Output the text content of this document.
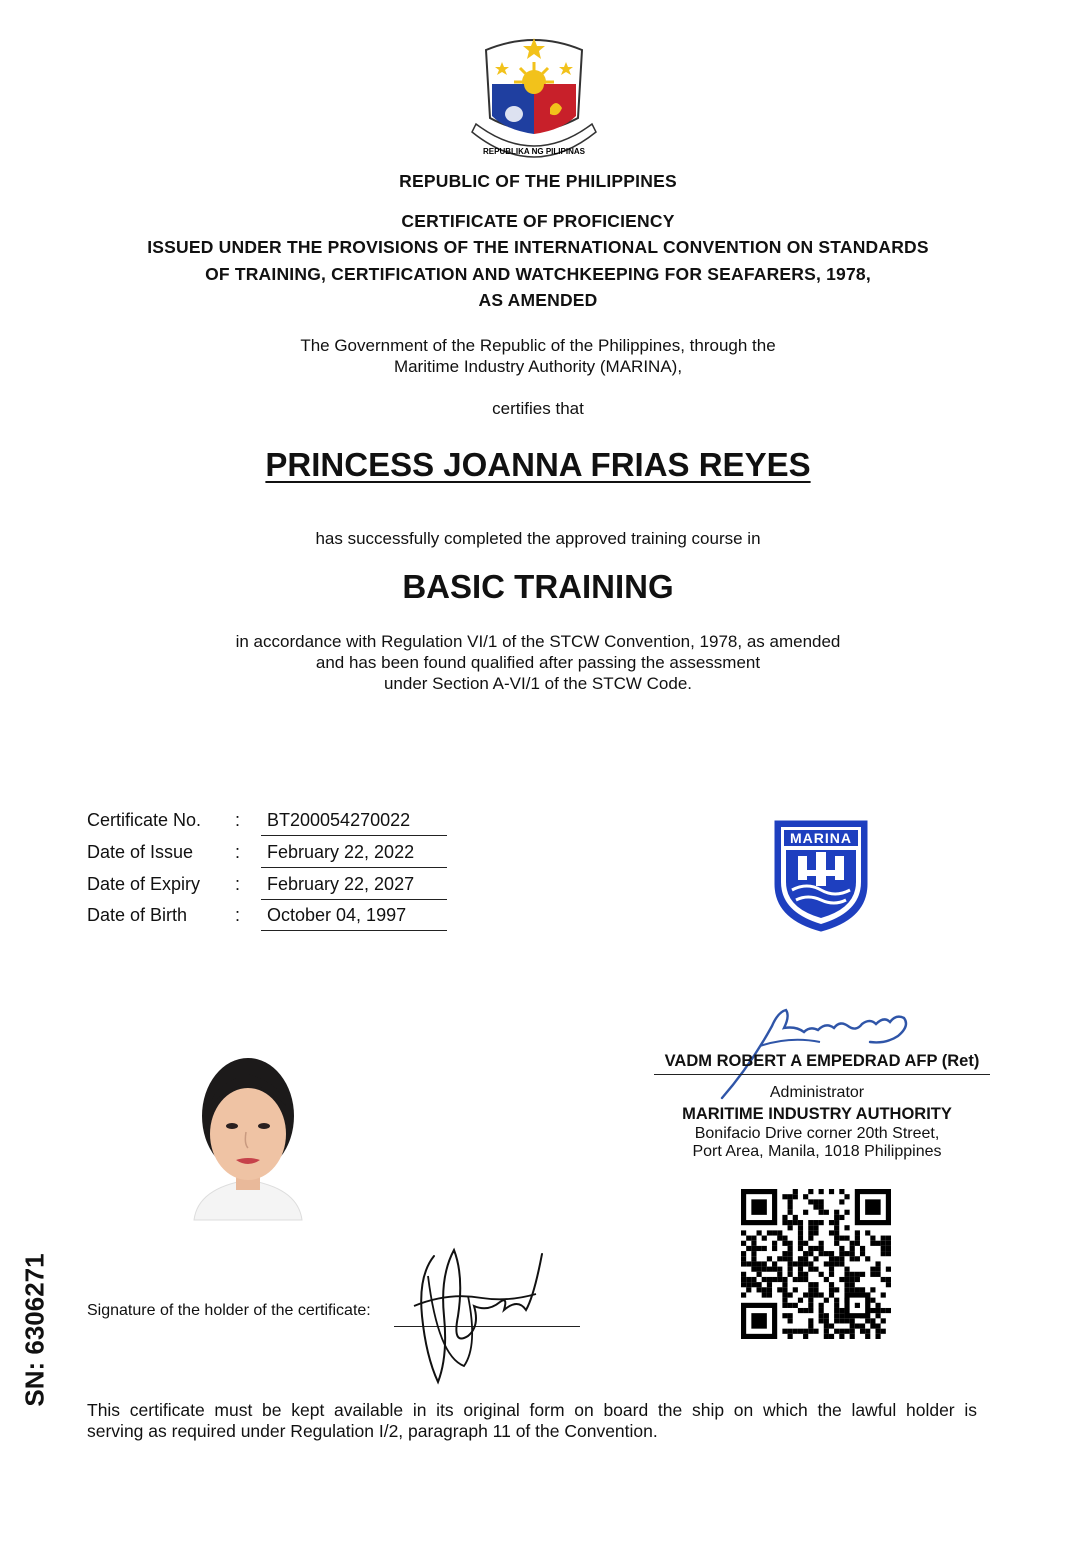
REPUBLIKA NG PILIPINAS
REPUBLIC OF THE PHILIPPINES
CERTIFICATE OF PROFICIENCY
ISSUED UNDER THE PROVISIONS OF THE INTERNATIONAL CONVENTION ON STANDARDS
OF TRAINING, CERTIFICATION AND WATCHKEEPING FOR SEAFARERS, 1978,
AS AMENDED
The Government of the Republic of the Philippines, through the
Maritime Industry Authority (MARINA),
certifies that
PRINCESS JOANNA FRIAS REYES
has successfully completed the approved training course in
BASIC TRAINING
in accordance with Regulation VI/1 of the STCW Convention, 1978, as amended
and has been found qualified after passing the assessment
under Section A-VI/1 of the STCW Code.
Certificate No. :	BT200054270022
Date of Issue :	February 22, 2022
Date of Expiry :	February 22, 2027
Date of Birth	:	October 04, 1997
MARINA
VADM ROBERT A EMPEDRAD AFP (Ret)
Administrator
MARITIME INDUSTRY AUTHORITY
Bonifacio Drive corner 20th Street,
Port Area, Manila, 1018 Philippines
Signature of the holder of the certificate:
This certificate must be kept available in its original form on board the ship on which the lawful holder is
serving as required under Regulation I/2, paragraph 11 of the Convention.
SN: 6306271
